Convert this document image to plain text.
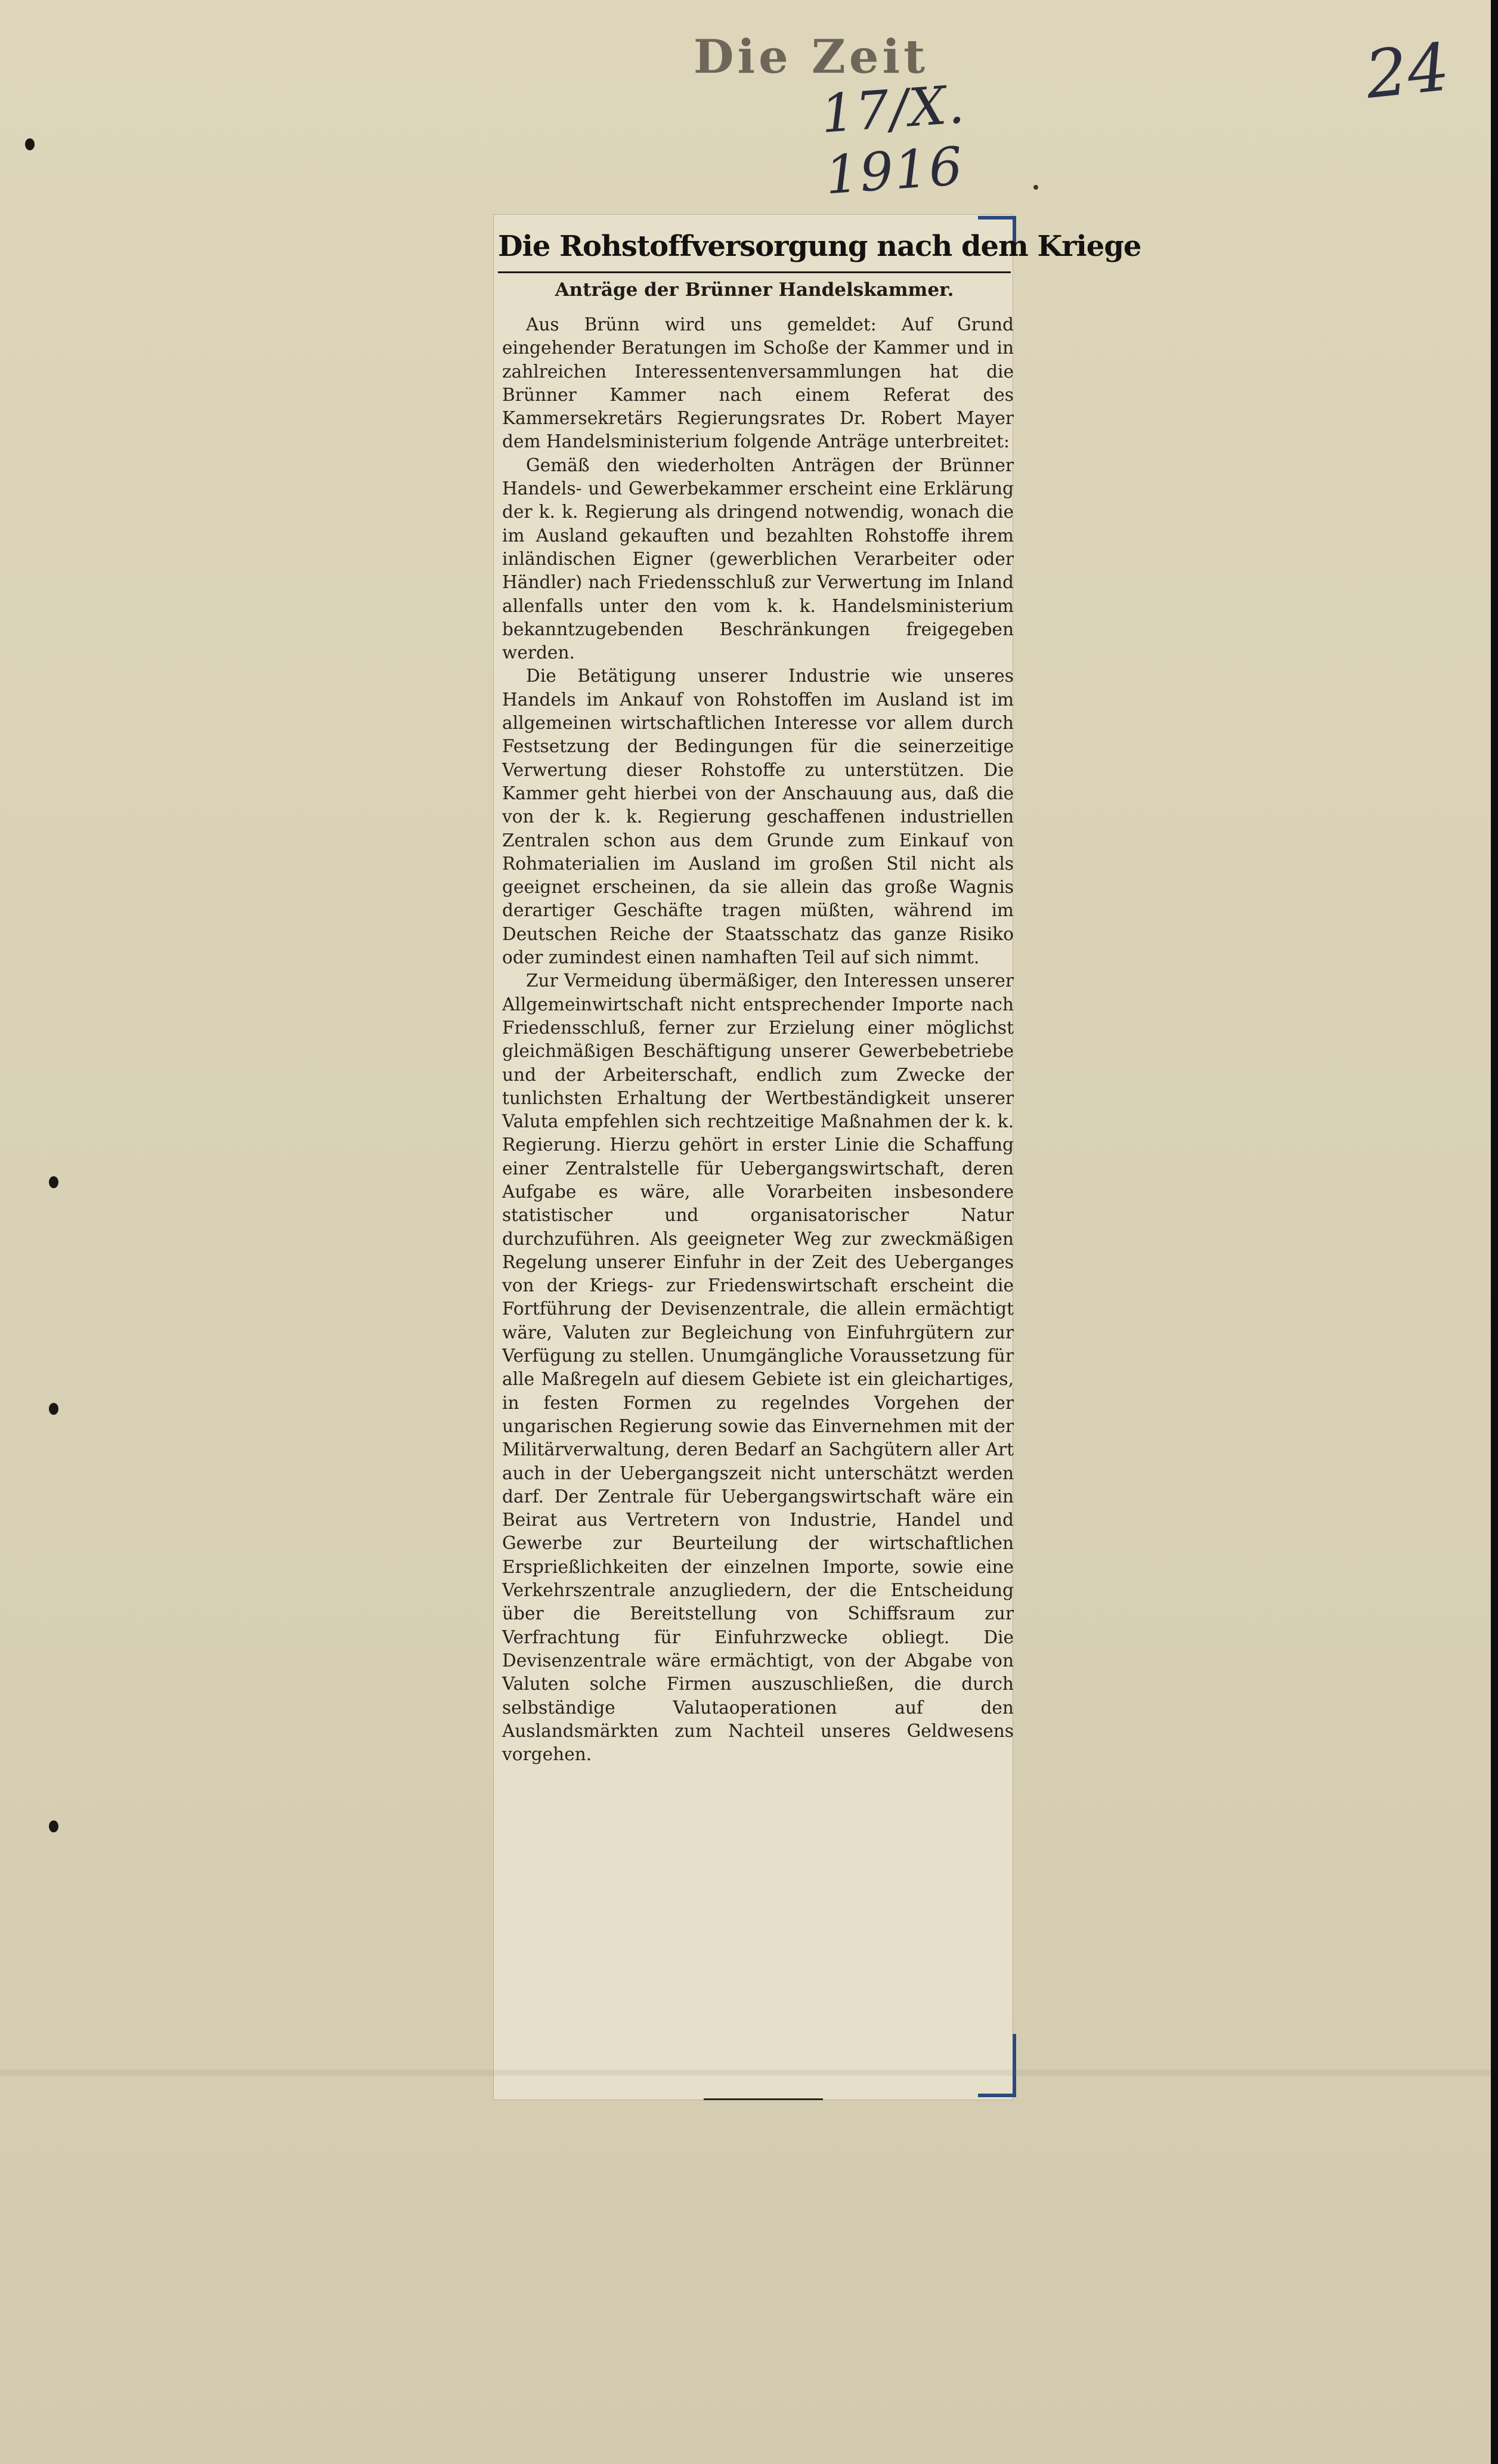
Die Zeit
17/X. 1916
24
Die Rohstoffversorgung nach dem Kriege
Anträge der Brünner Handelskammer.

Aus Brünn wird uns gemeldet: Auf Grund eingehender Beratungen im Schoße der Kammer und in zahlreichen Interessentenversammlungen hat die Brünner Kammer nach einem Referat des Kammersekretärs Regierungsrates Dr. Robert Mayer dem Handelsministerium folgende Anträge unterbreitet:

Gemäß den wiederholten Anträgen der Brünner Handels- und Gewerbekammer erscheint eine Erklärung der k. k. Regierung als dringend notwendig, wonach die im Ausland gekauften und bezahlten Rohstoffe ihrem inländischen Eigner (gewerblichen Verarbeiter oder Händler) nach Friedensschluß zur Verwertung im Inland allenfalls unter den vom k. k. Handelsministerium bekanntzugebenden Beschränkungen freigegeben werden.

Die Betätigung unserer Industrie wie unseres Handels im Ankauf von Rohstoffen im Ausland ist im allgemeinen wirtschaftlichen Interesse vor allem durch Festsetzung der Bedingungen für die seinerzeitige Verwertung dieser Rohstoffe zu unterstützen. Die Kammer geht hierbei von der Anschauung aus, daß die von der k. k. Regierung geschaffenen industriellen Zentralen schon aus dem Grunde zum Einkauf von Rohmaterialien im Ausland im großen Stil nicht als geeignet erscheinen, da sie allein das große Wagnis derartiger Geschäfte tragen müßten, während im Deutschen Reiche der Staatsschatz das ganze Risiko oder zumindest einen namhaften Teil auf sich nimmt.

Zur Vermeidung übermäßiger, den Interessen unserer Allgemeinwirtschaft nicht entsprechender Importe nach Friedensschluß, ferner zur Erzielung einer möglichst gleichmäßigen Beschäftigung unserer Gewerbebetriebe und der Arbeiterschaft, endlich zum Zwecke der tunlichsten Erhaltung der Wertbeständigkeit unserer Valuta empfehlen sich rechtzeitige Maßnahmen der k. k. Regierung. Hierzu gehört in erster Linie die Schaffung einer Zentralstelle für Uebergangswirtschaft, deren Aufgabe es wäre, alle Vorarbeiten insbesondere statistischer und organisatorischer Natur durchzuführen. Als geeigneter Weg zur zweckmäßigen Regelung unserer Einfuhr in der Zeit des Ueberganges von der Kriegs- zur Friedenswirtschaft erscheint die Fortführung der Devisenzentrale, die allein ermächtigt wäre, Valuten zur Begleichung von Einfuhrgütern zur Verfügung zu stellen. Unumgängliche Voraussetzung für alle Maßregeln auf diesem Gebiete ist ein gleichartiges, in festen Formen zu regelndes Vorgehen der ungarischen Regierung sowie das Einvernehmen mit der Militärverwaltung, deren Bedarf an Sachgütern aller Art auch in der Uebergangszeit nicht unterschätzt werden darf. Der Zentrale für Uebergangswirtschaft wäre ein Beirat aus Vertretern von Industrie, Handel und Gewerbe zur Beurteilung der wirtschaftlichen Ersprießlichkeiten der einzelnen Importe, sowie eine Verkehrszentrale anzugliedern, der die Entscheidung über die Bereitstellung von Schiffsraum zur Verfrachtung für Einfuhrzwecke obliegt. Die Devisenzentrale wäre ermächtigt, von der Abgabe von Valuten solche Firmen auszuschließen, die durch selbständige Valutaoperationen auf den Auslandsmärkten zum Nachteil unseres Geldwesens vorgehen.
